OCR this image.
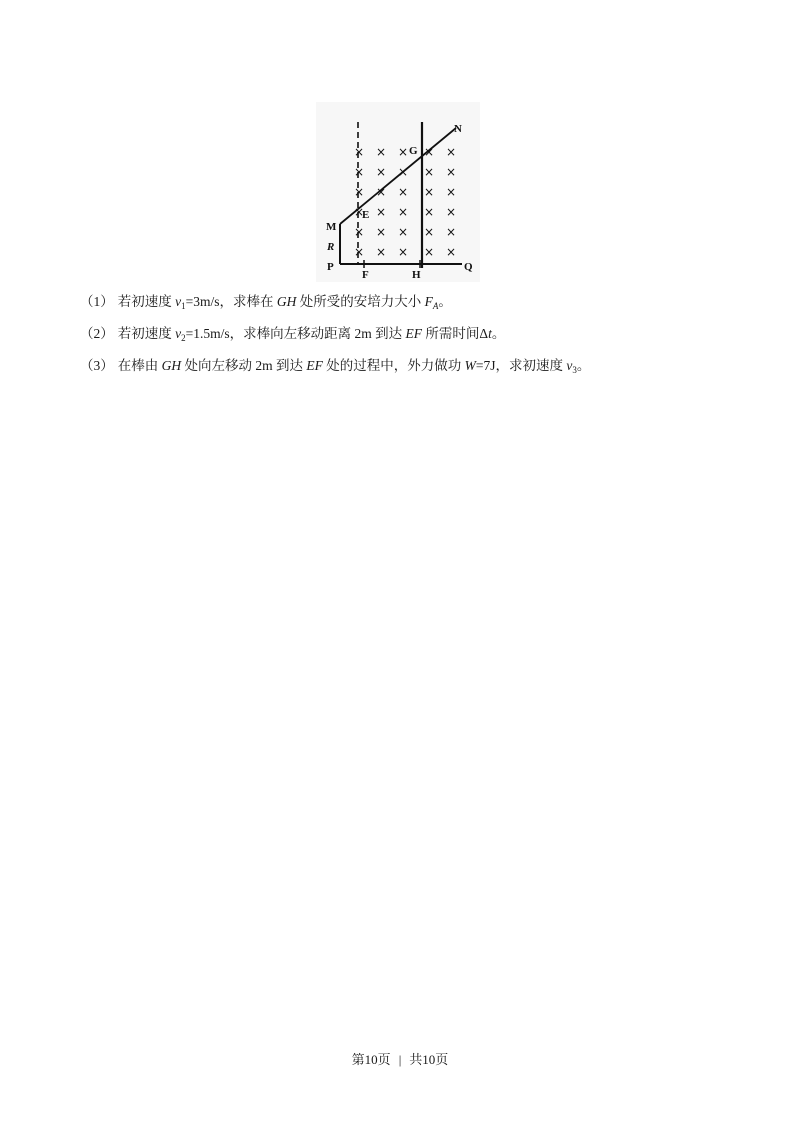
× × × × ×
× × × × ×
× × × × ×
× × × × ×
× × × × ×
× × × × ×
N
G
E
M
R
P
F	H
Q

（1） 若初速度 $v_1=3m/s$，求棒在 GH 处所受的安培力大小 $F_A$。

（2） 若初速度 $v_2=1.5m/s$，求棒向左移动距离 2m 到达 EF 所需时间Δt。

（3） 在棒由 GH 处向左移动 2m 到达 EF 处的过程中，外力做功 W=7J，求初速度 $v_3$。

第10页 | 共10页
